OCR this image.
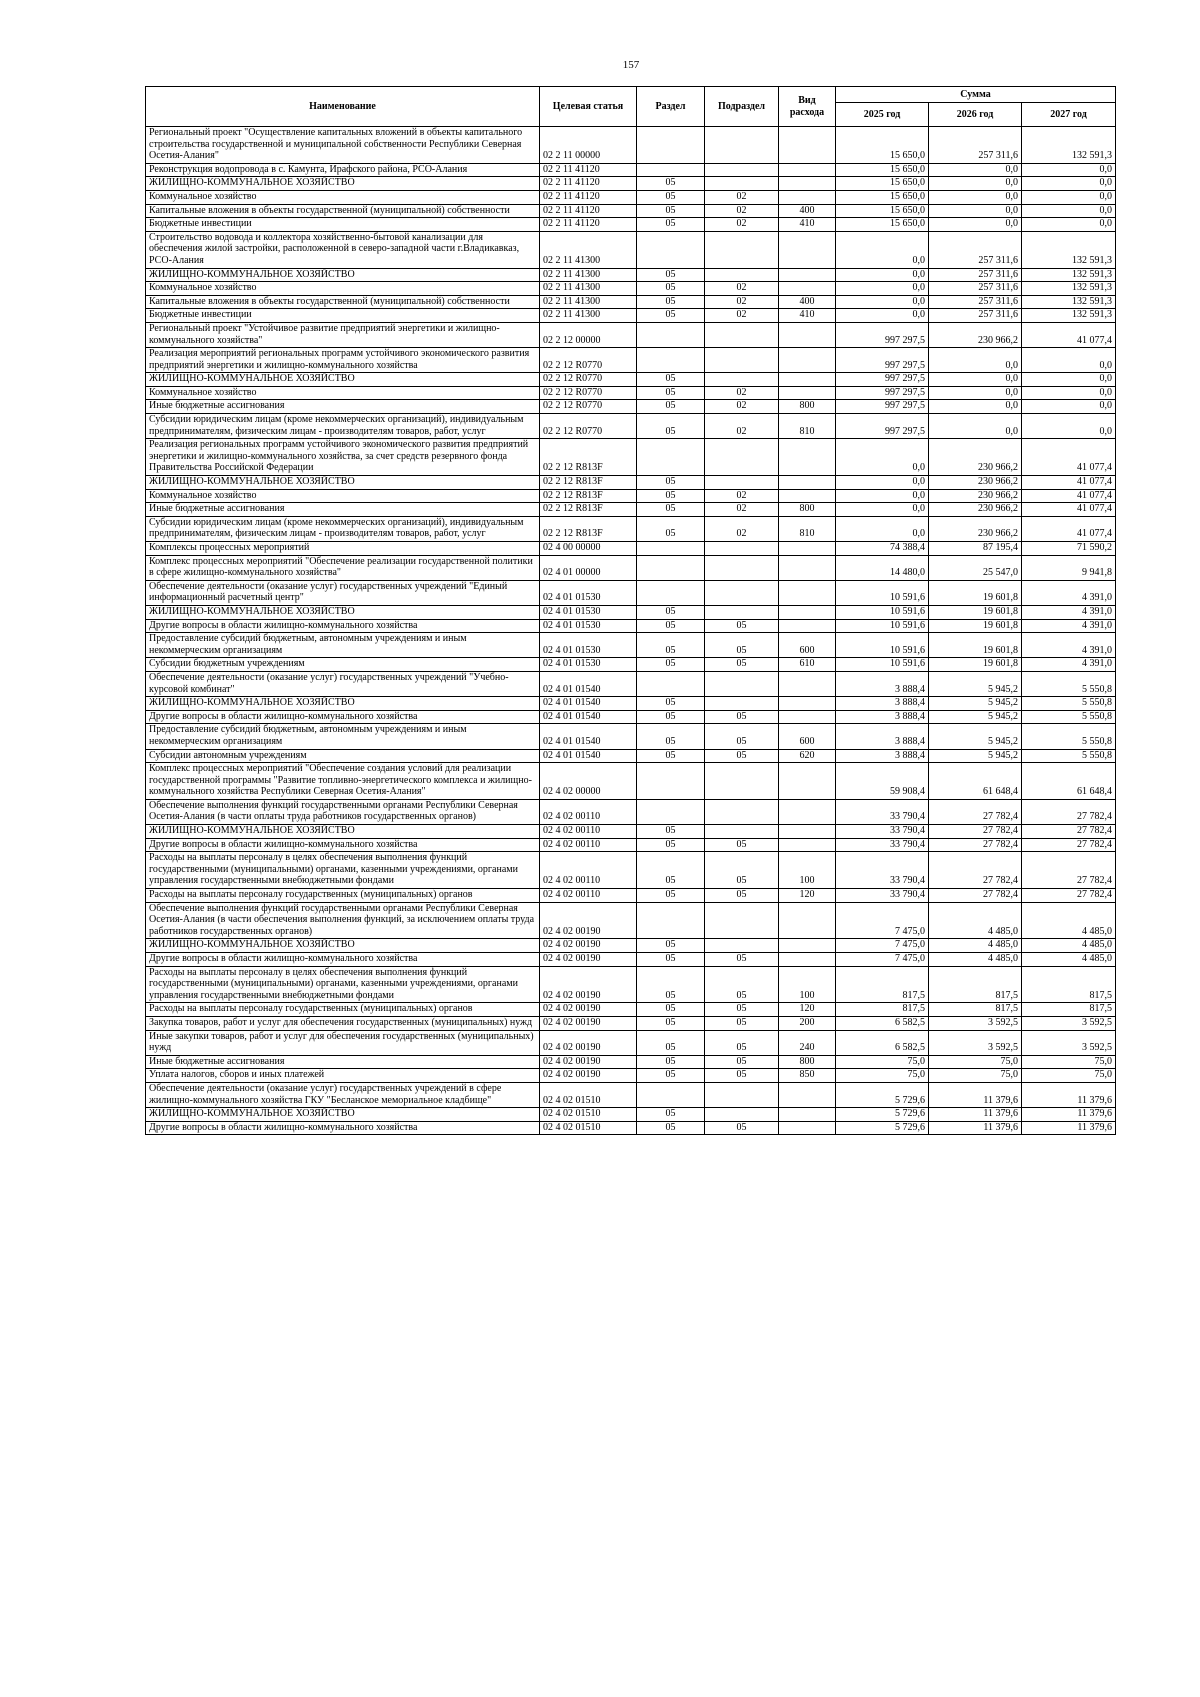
157
Наименование	Целевая статья	Раздел	Подраздел	Вид расхода	Сумма		
					2025 год	2026 год	2027 год
Региональный проект "Осуществление капитальных вложений в объекты капитального строительства государственной и муниципальной собственности Республики Северная Осетия-Алания"	02 2 11 00000				15 650,0	257 311,6	132 591,3
Реконструкция водопровода в с. Камунта, Ирафского района, РСО-Алания	02 2 11 41120				15 650,0	0,0	0,0
ЖИЛИЩНО-КОММУНАЛЬНОЕ ХОЗЯЙСТВО	02 2 11 41120	05			15 650,0	0,0	0,0
Коммунальное хозяйство	02 2 11 41120	05	02		15 650,0	0,0	0,0
Капитальные вложения в объекты государственной (муниципальной) собственности	02 2 11 41120	05	02	400	15 650,0	0,0	0,0
Бюджетные инвестиции	02 2 11 41120	05	02	410	15 650,0	0,0	0,0
Строительство водовода и коллектора хозяйственно-бытовой канализации для обеспечения жилой застройки, расположенной в северо-западной части г.Владикавказ, РСО-Алания	02 2 11 41300				0,0	257 311,6	132 591,3
ЖИЛИЩНО-КОММУНАЛЬНОЕ ХОЗЯЙСТВО	02 2 11 41300	05			0,0	257 311,6	132 591,3
Коммунальное хозяйство	02 2 11 41300	05	02		0,0	257 311,6	132 591,3
Капитальные вложения в объекты государственной (муниципальной) собственности	02 2 11 41300	05	02	400	0,0	257 311,6	132 591,3
Бюджетные инвестиции	02 2 11 41300	05	02	410	0,0	257 311,6	132 591,3
Региональный проект "Устойчивое развитие предприятий энергетики и жилищно-коммунального хозяйства"	02 2 12 00000				997 297,5	230 966,2	41 077,4
Реализация мероприятий региональных программ устойчивого экономического развития предприятий энергетики и жилищно-коммунального хозяйства	02 2 12 R0770				997 297,5	0,0	0,0
ЖИЛИЩНО-КОММУНАЛЬНОЕ ХОЗЯЙСТВО	02 2 12 R0770	05			997 297,5	0,0	0,0
Коммунальное хозяйство	02 2 12 R0770	05	02		997 297,5	0,0	0,0
Иные бюджетные ассигнования	02 2 12 R0770	05	02	800	997 297,5	0,0	0,0
Субсидии юридическим лицам (кроме некоммерческих организаций), индивидуальным предпринимателям, физическим лицам - производителям товаров, работ, услуг	02 2 12 R0770	05	02	810	997 297,5	0,0	0,0
Реализация региональных программ устойчивого экономического развития предприятий энергетики и жилищно-коммунального хозяйства, за счет средств резервного фонда Правительства Российской Федерации	02 2 12 R813F				0,0	230 966,2	41 077,4
ЖИЛИЩНО-КОММУНАЛЬНОЕ ХОЗЯЙСТВО	02 2 12 R813F	05			0,0	230 966,2	41 077,4
Коммунальное хозяйство	02 2 12 R813F	05	02		0,0	230 966,2	41 077,4
Иные бюджетные ассигнования	02 2 12 R813F	05	02	800	0,0	230 966,2	41 077,4
Субсидии юридическим лицам (кроме некоммерческих организаций), индивидуальным предпринимателям, физическим лицам - производителям товаров, работ, услуг	02 2 12 R813F	05	02	810	0,0	230 966,2	41 077,4
Комплексы процессных мероприятий	02 4 00 00000				74 388,4	87 195,4	71 590,2
Комплекс процессных мероприятий "Обеспечение реализации государственной политики в сфере жилищно-коммунального хозяйства"	02 4 01 00000				14 480,0	25 547,0	9 941,8
Обеспечение деятельности (оказание услуг) государственных учреждений "Единый информационный расчетный центр"	02 4 01 01530				10 591,6	19 601,8	4 391,0
ЖИЛИЩНО-КОММУНАЛЬНОЕ ХОЗЯЙСТВО	02 4 01 01530	05			10 591,6	19 601,8	4 391,0
Другие вопросы в области жилищно-коммунального хозяйства	02 4 01 01530	05	05		10 591,6	19 601,8	4 391,0
Предоставление субсидий бюджетным, автономным учреждениям и иным некоммерческим организациям	02 4 01 01530	05	05	600	10 591,6	19 601,8	4 391,0
Субсидии бюджетным учреждениям	02 4 01 01530	05	05	610	10 591,6	19 601,8	4 391,0
Обеспечение деятельности (оказание услуг) государственных учреждений "Учебно-курсовой комбинат"	02 4 01 01540				3 888,4	5 945,2	5 550,8
ЖИЛИЩНО-КОММУНАЛЬНОЕ ХОЗЯЙСТВО	02 4 01 01540	05			3 888,4	5 945,2	5 550,8
Другие вопросы в области жилищно-коммунального хозяйства	02 4 01 01540	05	05		3 888,4	5 945,2	5 550,8
Предоставление субсидий бюджетным, автономным учреждениям и иным некоммерческим организациям	02 4 01 01540	05	05	600	3 888,4	5 945,2	5 550,8
Субсидии автономным учреждениям	02 4 01 01540	05	05	620	3 888,4	5 945,2	5 550,8
Комплекс процессных мероприятий "Обеспечение создания условий для реализации государственной программы "Развитие топливно-энергетического комплекса и жилищно-коммунального хозяйства Республики Северная Осетия-Алания"	02 4 02 00000				59 908,4	61 648,4	61 648,4
Обеспечение выполнения функций государственными органами Республики Северная Осетия-Алания (в части оплаты труда работников государственных органов)	02 4 02 00110				33 790,4	27 782,4	27 782,4
ЖИЛИЩНО-КОММУНАЛЬНОЕ ХОЗЯЙСТВО	02 4 02 00110	05			33 790,4	27 782,4	27 782,4
Другие вопросы в области жилищно-коммунального хозяйства	02 4 02 00110	05	05		33 790,4	27 782,4	27 782,4
Расходы на выплаты персоналу в целях обеспечения выполнения функций государственными (муниципальными) органами, казенными учреждениями, органами управления государственными внебюджетными фондами	02 4 02 00110	05	05	100	33 790,4	27 782,4	27 782,4
Расходы на выплаты персоналу государственных (муниципальных) органов	02 4 02 00110	05	05	120	33 790,4	27 782,4	27 782,4
Обеспечение выполнения функций государственными органами Республики Северная Осетия-Алания (в части обеспечения выполнения функций, за исключением оплаты труда работников государственных органов)	02 4 02 00190				7 475,0	4 485,0	4 485,0
ЖИЛИЩНО-КОММУНАЛЬНОЕ ХОЗЯЙСТВО	02 4 02 00190	05			7 475,0	4 485,0	4 485,0
Другие вопросы в области жилищно-коммунального хозяйства	02 4 02 00190	05	05		7 475,0	4 485,0	4 485,0
Расходы на выплаты персоналу в целях обеспечения выполнения функций государственными (муниципальными) органами, казенными учреждениями, органами управления государственными внебюджетными фондами	02 4 02 00190	05	05	100	817,5	817,5	817,5
Расходы на выплаты персоналу государственных (муниципальных) органов	02 4 02 00190	05	05	120	817,5	817,5	817,5
Закупка товаров, работ и услуг для обеспечения государственных (муниципальных) нужд	02 4 02 00190	05	05	200	6 582,5	3 592,5	3 592,5
Иные закупки товаров, работ и услуг для обеспечения государственных (муниципальных) нужд	02 4 02 00190	05	05	240	6 582,5	3 592,5	3 592,5
Иные бюджетные ассигнования	02 4 02 00190	05	05	800	75,0	75,0	75,0
Уплата налогов, сборов и иных платежей	02 4 02 00190	05	05	850	75,0	75,0	75,0
Обеспечение деятельности (оказание услуг) государственных учреждений в сфере жилищно-коммунального хозяйства ГКУ "Бесланское мемориальное кладбище"	02 4 02 01510				5 729,6	11 379,6	11 379,6
ЖИЛИЩНО-КОММУНАЛЬНОЕ ХОЗЯЙСТВО	02 4 02 01510	05			5 729,6	11 379,6	11 379,6
Другие вопросы в области жилищно-коммунального хозяйства	02 4 02 01510	05	05		5 729,6	11 379,6	11 379,6
